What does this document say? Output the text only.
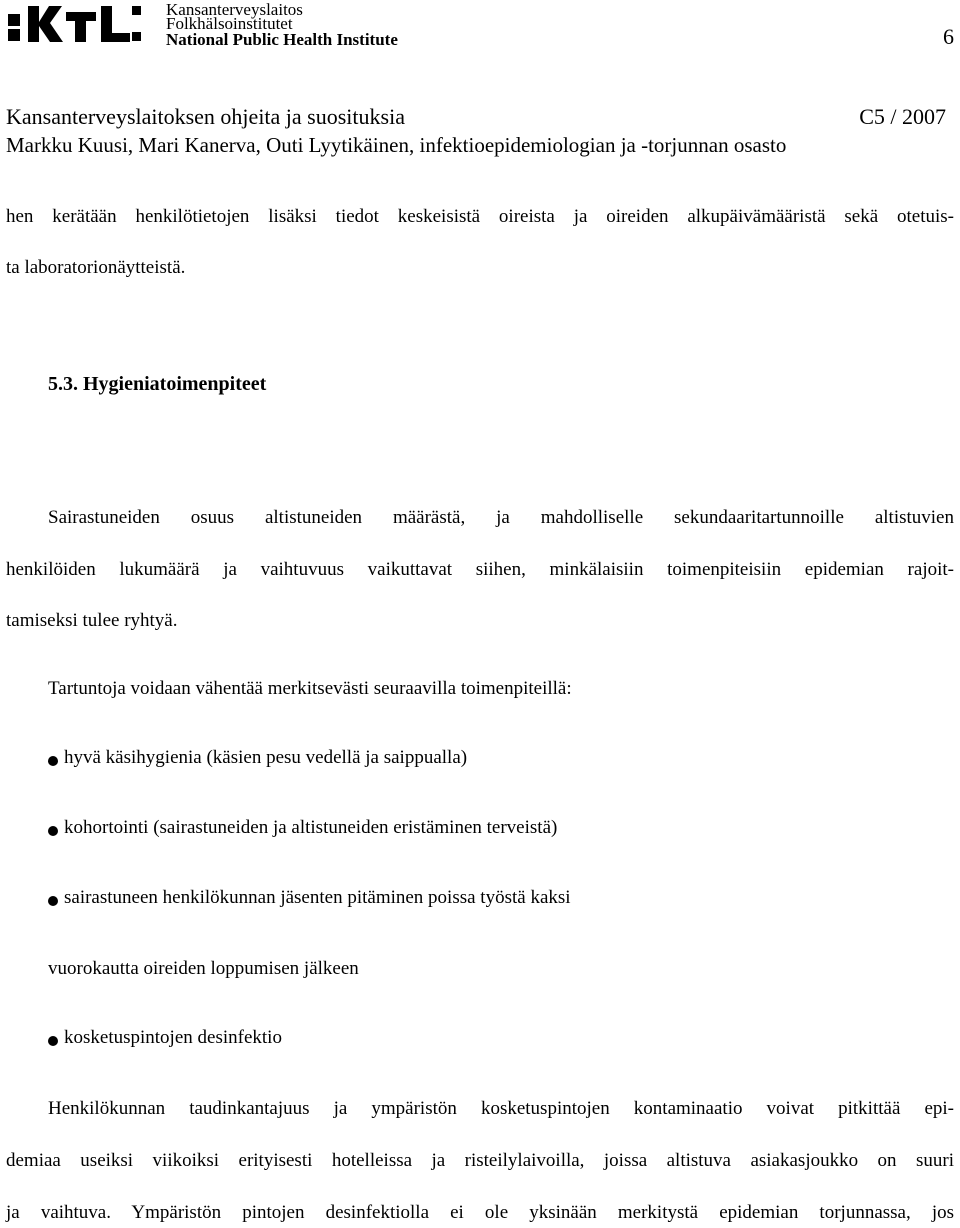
Kansanterveyslaitos
Folkhälsoinstitutet
National Public Health Institute	6
Kansanterveyslaitoksen ohjeita ja suosituksia	C5 / 2007
Markku Kuusi, Mari Kanerva, Outi Lyytikäinen, infektioepidemiologian ja -torjunnan osasto
hen kerätään henkilötietojen lisäksi tiedot keskeisistä oireista ja oireiden alkupäivämääristä sekä otetuis-
ta laboratorionäytteistä.
5.3. Hygieniatoimenpiteet
Sairastuneiden osuus altistuneiden määrästä, ja mahdolliselle sekundaaritartunnoille altistuvien
henkilöiden lukumäärä ja vaihtuvuus vaikuttavat siihen, minkälaisiin toimenpiteisiin epidemian rajoit-
tamiseksi tulee ryhtyä.
Tartuntoja voidaan vähentää merkitsevästi seuraavilla toimenpiteillä:
hyvä käsihygienia (käsien pesu vedellä ja saippualla)
kohortointi (sairastuneiden ja altistuneiden eristäminen terveistä)
sairastuneen henkilökunnan jäsenten pitäminen poissa työstä kaksi
vuorokautta oireiden loppumisen jälkeen
kosketuspintojen desinfektio
Henkilökunnan taudinkantajuus ja ympäristön kosketuspintojen kontaminaatio voivat pitkittää epi-
demiaa useiksi viikoiksi erityisesti hotelleissa ja risteilylaivoilla, joissa altistuva asiakasjoukko on suuri
ja vaihtuva. Ympäristön pintojen desinfektiolla ei ole yksinään merkitystä epidemian torjunnassa, jos
